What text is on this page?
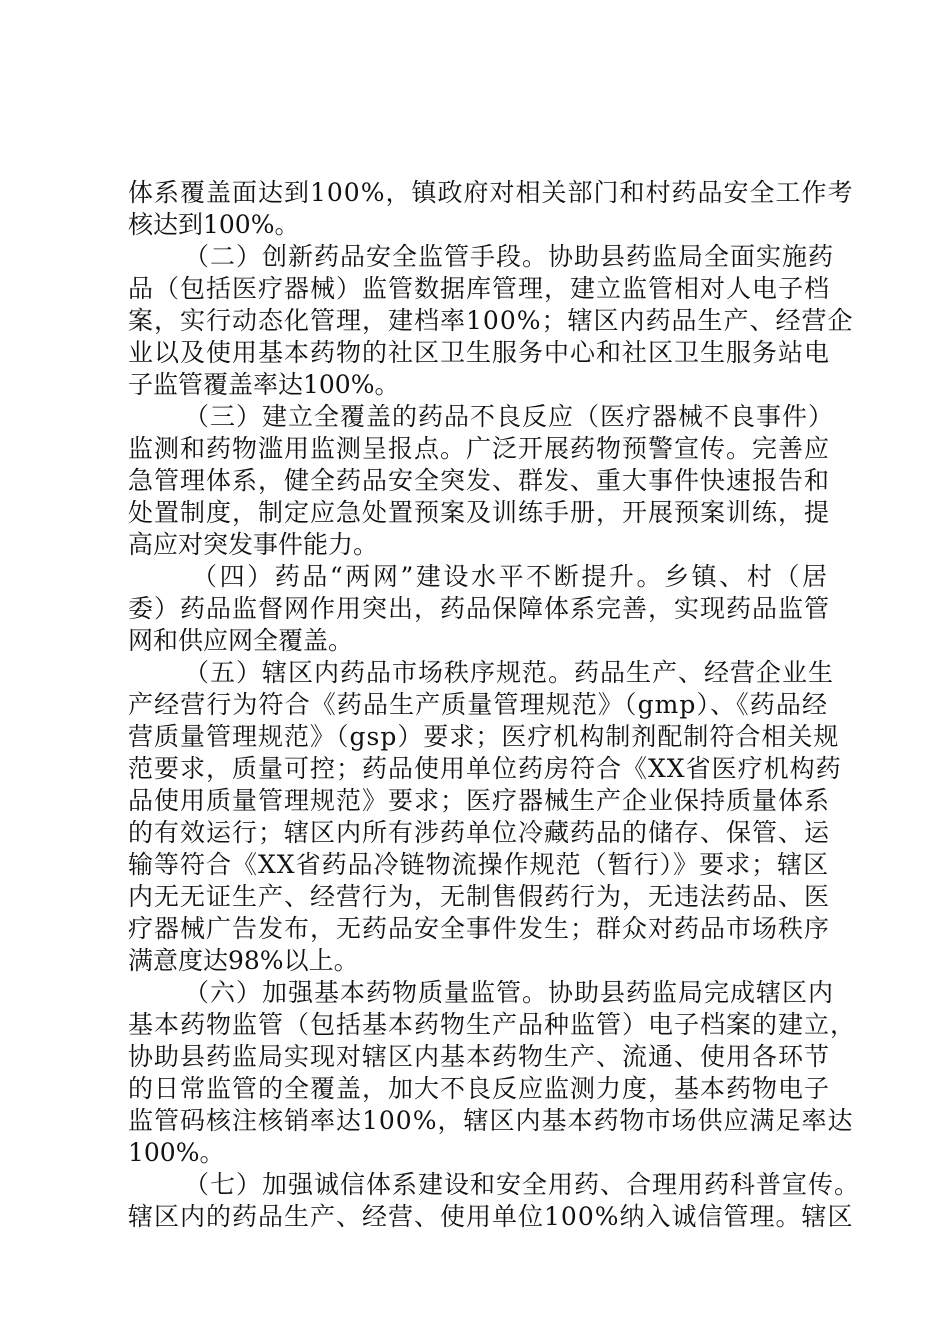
体系覆盖面达到100%，镇政府对相关部门和村药品安全工作考
核达到100%。
（二）创新药品安全监管手段。协助县药监局全面实施药
品（包括医疗器械）监管数据库管理，建立监管相对人电子档
案，实行动态化管理，建档率100%；辖区内药品生产、经营企
业以及使用基本药物的社区卫生服务中心和社区卫生服务站电
子监管覆盖率达100%。
（三）建立全覆盖的药品不良反应（医疗器械不良事件）
监测和药物滥用监测呈报点。广泛开展药物预警宣传。完善应
急管理体系，健全药品安全突发、群发、重大事件快速报告和
处置制度，制定应急处置预案及训练手册，开展预案训练，提
高应对突发事件能力。
（四）药品“两网”建设水平不断提升。乡镇、村（居
委）药品监督网作用突出，药品保障体系完善，实现药品监管
网和供应网全覆盖。
（五）辖区内药品市场秩序规范。药品生产、经营企业生
产经营行为符合《药品生产质量管理规范》（gmp）、《药品经
营质量管理规范》（gsp）要求；医疗机构制剂配制符合相关规
范要求，质量可控；药品使用单位药房符合《XX省医疗机构药
品使用质量管理规范》要求；医疗器械生产企业保持质量体系
的有效运行；辖区内所有涉药单位冷藏药品的储存、保管、运
输等符合《XX省药品冷链物流操作规范（暂行）》要求；辖区
内无无证生产、经营行为，无制售假药行为，无违法药品、医
疗器械广告发布，无药品安全事件发生；群众对药品市场秩序
满意度达98%以上。
（六）加强基本药物质量监管。协助县药监局完成辖区内
基本药物监管（包括基本药物生产品种监管）电子档案的建立，
协助县药监局实现对辖区内基本药物生产、流通、使用各环节
的日常监管的全覆盖，加大不良反应监测力度，基本药物电子
监管码核注核销率达100%，辖区内基本药物市场供应满足率达
100%。
（七）加强诚信体系建设和安全用药、合理用药科普宣传。
辖区内的药品生产、经营、使用单位100%纳入诚信管理。辖区
